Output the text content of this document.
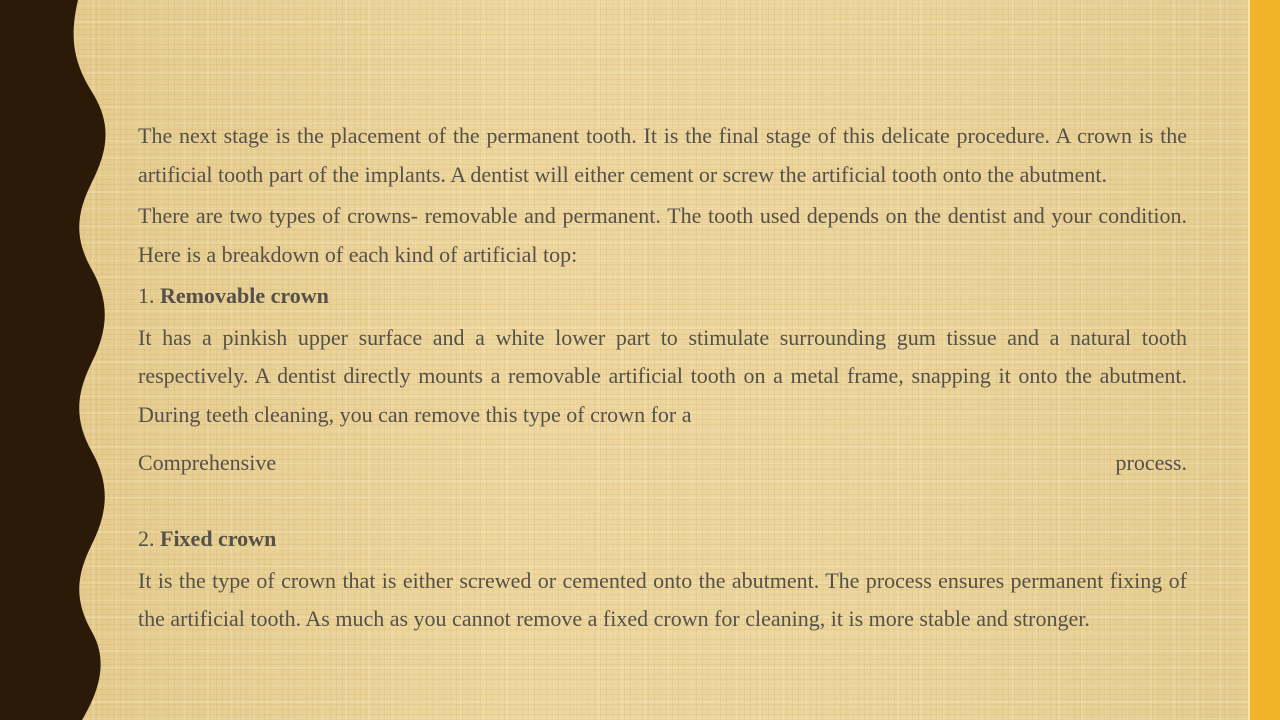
The next stage is the placement of the permanent tooth. It is the final stage of this delicate procedure. A crown is the artificial tooth part of the implants. A dentist will either cement or screw the artificial tooth onto the abutment.

There are two types of crowns- removable and permanent. The tooth used depends on the dentist and your condition. Here is a breakdown of each kind of artificial top:

1. Removable crown

It has a pinkish upper surface and a white lower part to stimulate surrounding gum tissue and a natural tooth respectively. A dentist directly mounts a removable artificial tooth on a metal frame, snapping it onto the abutment. During teeth cleaning, you can remove this type of crown for a

Comprehensive	process.

2. Fixed crown

It is the type of crown that is either screwed or cemented onto the abutment. The process ensures permanent fixing of the artificial tooth. As much as you cannot remove a fixed crown for cleaning, it is more stable and stronger.
